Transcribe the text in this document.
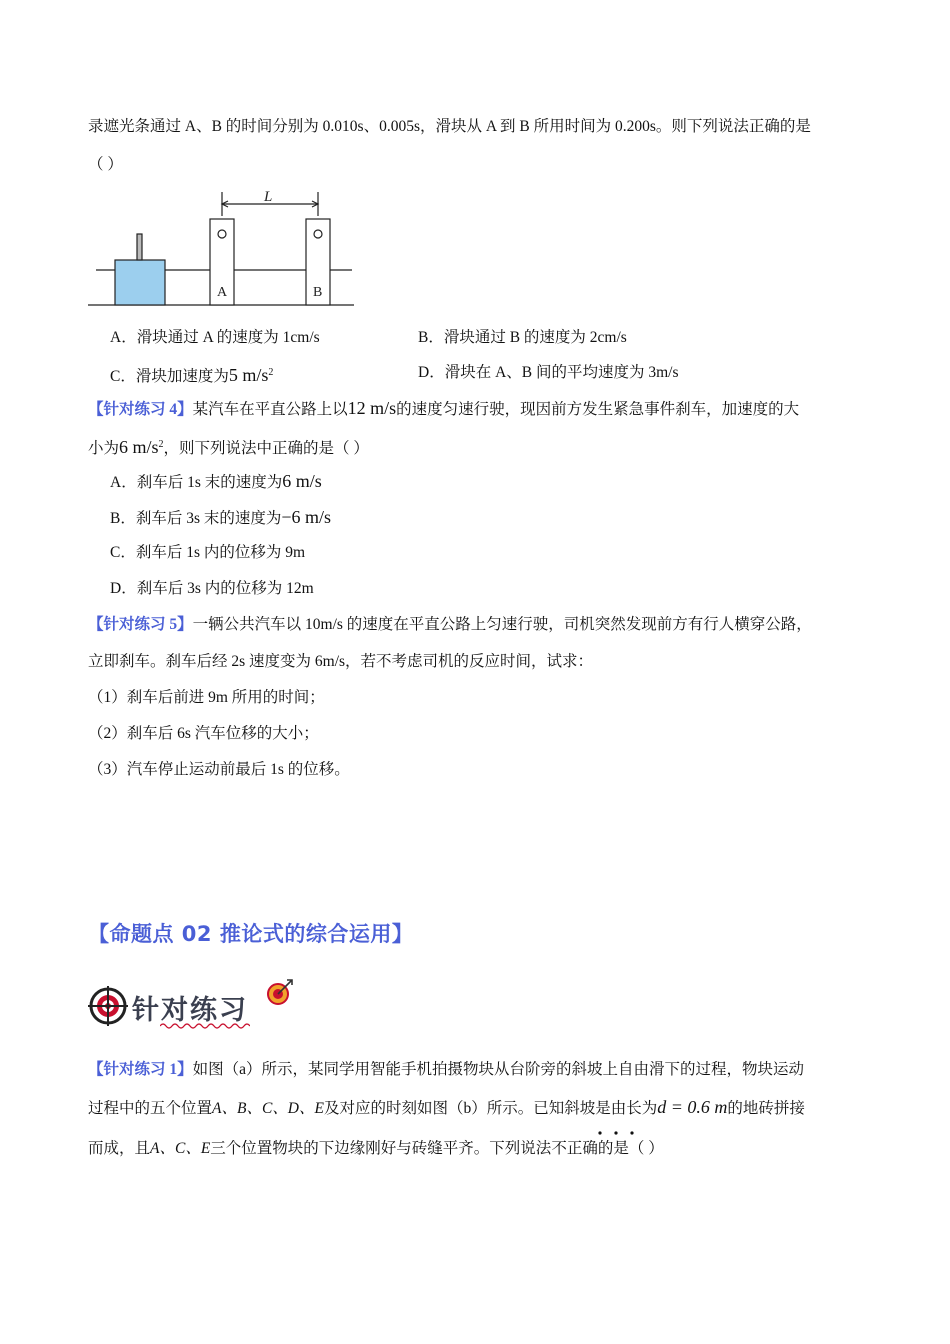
录遮光条通过 A、B 的时间分别为 0.010s、0.005s，滑块从 A 到 B 所用时间为 0.200s。则下列说法正确的是
（ ）
L
A	B
A．滑块通过 A 的速度为 1cm/s	B．滑块通过 B 的速度为 2cm/s
C．滑块加速度为5 $m/s^2$	D．滑块在 A、B 间的平均速度为 3m/s
【针对练习 4】某汽车在平直公路上以12 m/s的速度匀速行驶，现因前方发生紧急事件刹车，加速度的大
小为6 $m/s^2$，则下列说法中正确的是（ ）
A．刹车后 1s 末的速度为6 m/s
B．刹车后 3s 末的速度为−6 m/s
C．刹车后 1s 内的位移为 9m
D．刹车后 3s 内的位移为 12m
【针对练习 5】一辆公共汽车以 10m/s 的速度在平直公路上匀速行驶，司机突然发现前方有行人横穿公路，
立即刹车。刹车后经 2s 速度变为 6m/s，若不考虑司机的反应时间，试求：
（1）刹车后前进 9m 所用的时间；
（2）刹车后 6s 汽车位移的大小；
（3）汽车停止运动前最后 1s 的位移。
【命题点 02 推论式的综合运用】
针对练习
【针对练习 1】如图（a）所示，某同学用智能手机拍摄物块从台阶旁的斜坡上自由滑下的过程，物块运动
过程中的五个位置A、B、C、D、E及对应的时刻如图（b）所示。已知斜坡是由长为d = 0.6 m的地砖拼接
而成，且A、C、E三个位置物块的下边缘刚好与砖缝平齐。下列说法不正确的是（ ）
